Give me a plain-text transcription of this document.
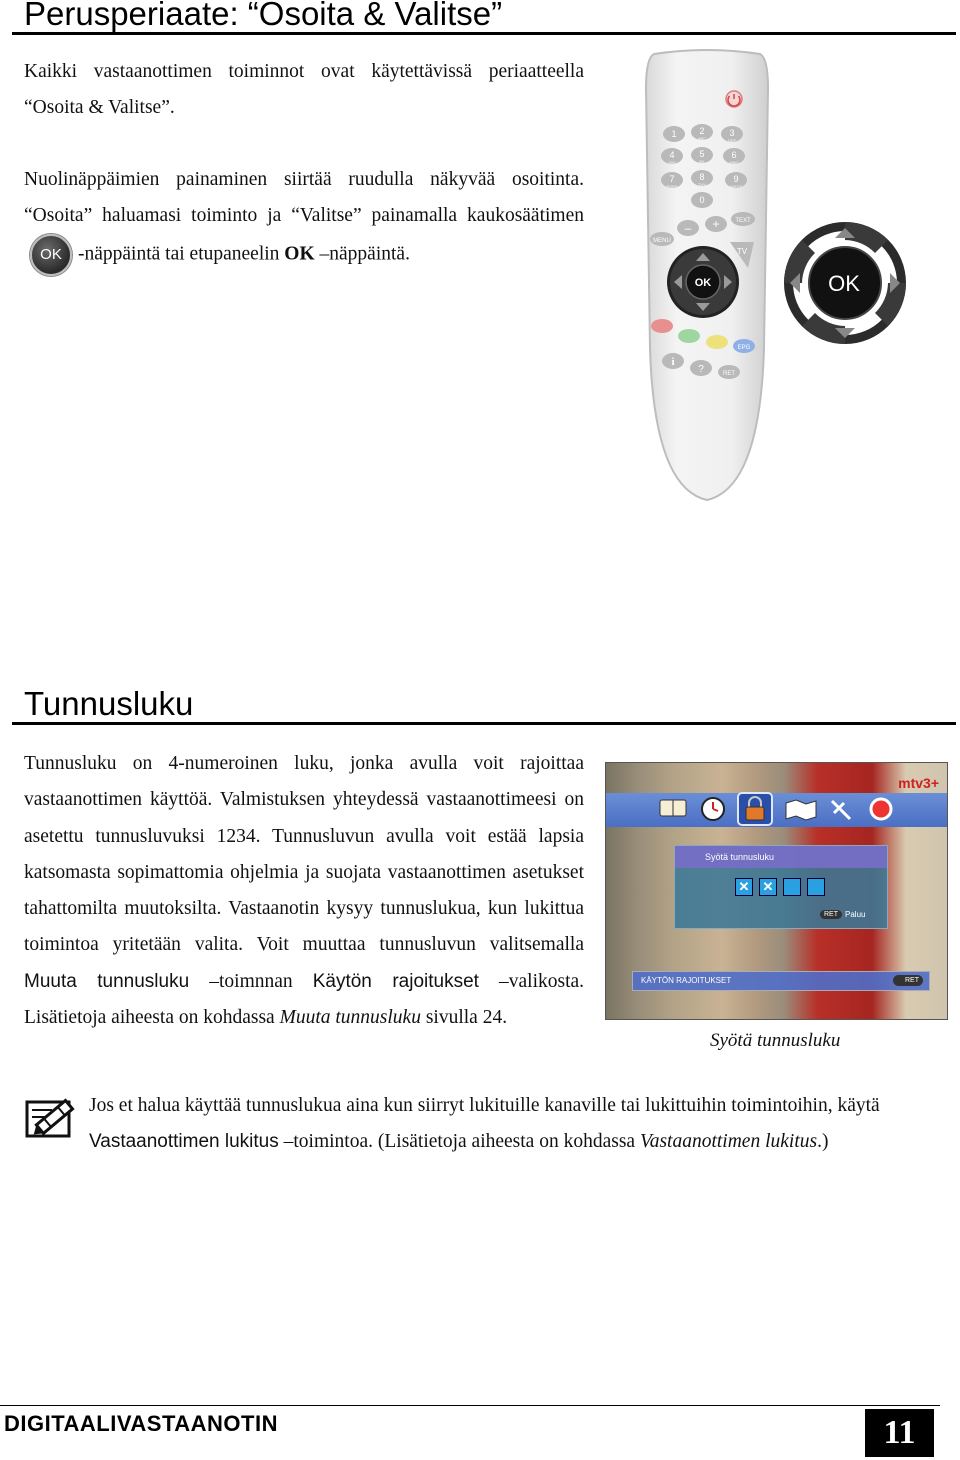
Perusperiaate: “Osoita & Valitse”

Kaikki vastaanottimen toiminnot ovat käytettävissä periaatteella “Osoita & Valitse”.

Nuolinäppäimien painaminen siirtää ruudulla näkyvää osoitinta. “Osoita” haluamasi toiminto ja “Valitse” painamalla kaukosäätimenOK -näppäintä tai etupaneelin OK –näppäintä.

1	2
ABC
3
DEF
4
GHI
5
JKL
6
MNO
7
PQRS
8
TUV
9
WXYZ
0
– +	TEXT
MENU
TV
OK
EPG
i
?	RET
OK
Tunnusluku

Tunnusluku on 4-numeroinen luku, jonka avulla voit rajoittaa vastaanottimen käyttöä. Valmistuksen yhteydessä vastaanottimeesi on asetettu tunnusluvuksi 1234. Tunnusluvun avulla voit estää lapsia katsomasta sopimattomia ohjelmia ja suojata vastaanottimen asetukset tahattomilta muutoksilta. Vastaanotin kysyy tunnuslukua, kun lukittua toimintoa yritetään valita. Voit muuttaa tunnusluvun valitsemalla Muuta tunnusluku –toimnnan Käytön rajoitukset –valikosta. Lisätietoja aiheesta on kohdassa Muuta tunnusluku sivulla 24.

mtv3+
Syötä tunnusluku
✕ ✕
RET Paluu
KÄYTÖN RAJOITUKSET	RET
Syötä tunnusluku
Jos et halua käyttää tunnuslukua aina kun siirryt lukituille kanaville tai lukittuihin toimintoihin, käytä Vastaanottimen lukitus –toimintoa. (Lisätietoja aiheesta on kohdassa Vastaanottimen lukitus.)
DIGITAALIVASTAANOTIN	11
